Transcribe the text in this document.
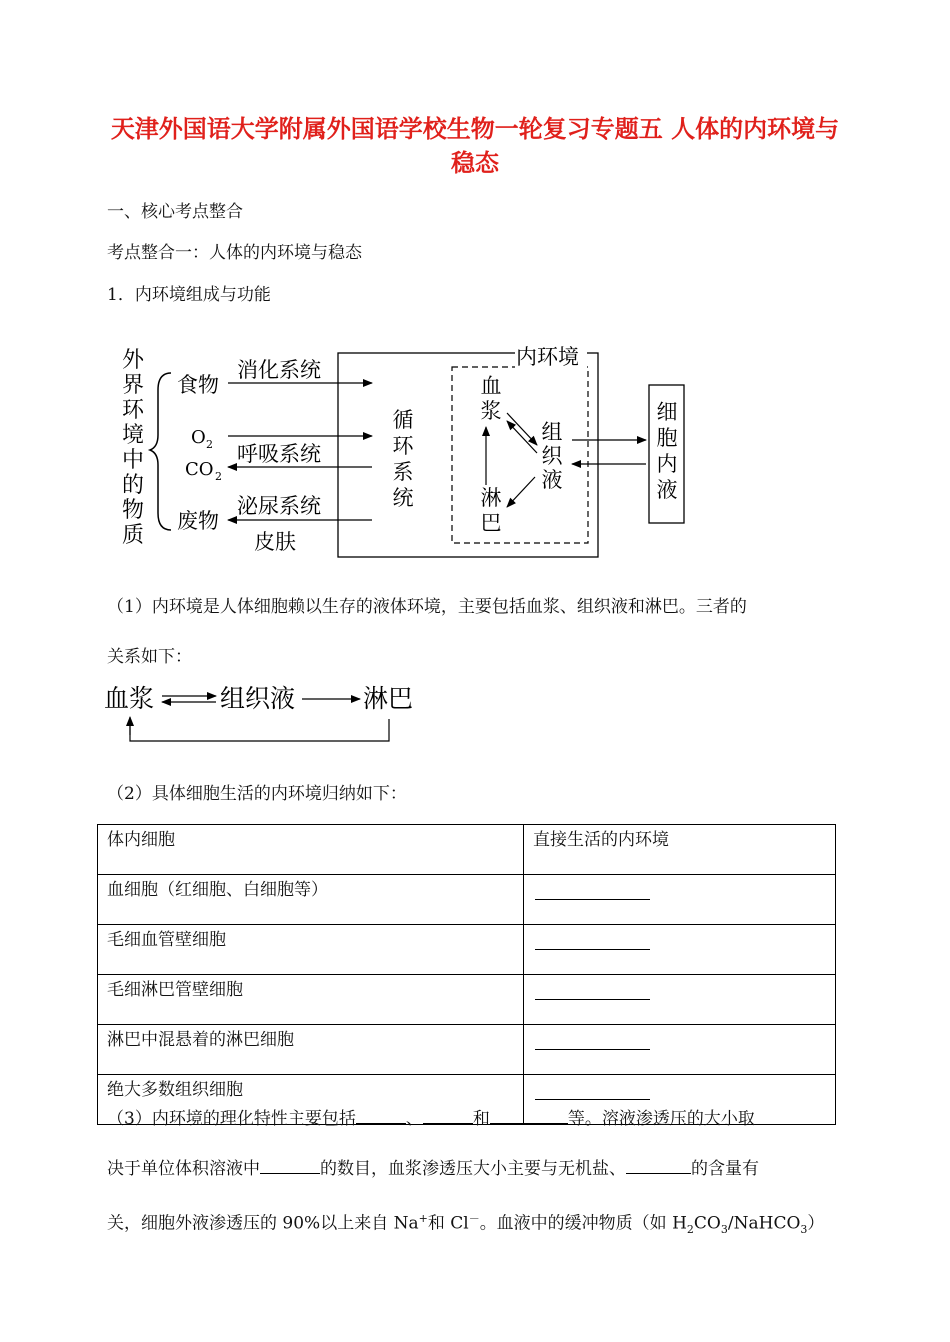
天津外国语大学附属外国语学校生物一轮复习专题五 人体的内环境与稳态
一、核心考点整合
考点整合一：人体的内环境与稳态
1．内环境组成与功能
外
界
环
境
中
的
物
质
食物
O 2
CO 2
废物
消化系统
呼吸系统
泌尿系统
皮肤
循
环
系
统
内环境
血
浆
组
织
液
淋
巴
细
胞
内
液
（1）内环境是人体细胞赖以生存的液体环境，主要包括血浆、组织液和淋巴。三者的
关系如下：
血浆	组织液	淋巴
（2）具体细胞生活的内环境归纳如下：
体内细胞	直接生活的内环境
血细胞（红细胞、白细胞等）	
毛细血管壁细胞	
毛细淋巴管壁细胞	
淋巴中混悬着的淋巴细胞	
绝大多数组织细胞	
（3）内环境的理化特性主要包括	、	和	等。溶液渗透压的大小取
决于单位体积溶液中	的数目，血浆渗透压大小主要与无机盐、	的含量有
关，细胞外液渗透压的 90%以上来自 Na+和 Cl－。血液中的缓冲物质（如 $H_2CO_3/NaHCO_3$）
